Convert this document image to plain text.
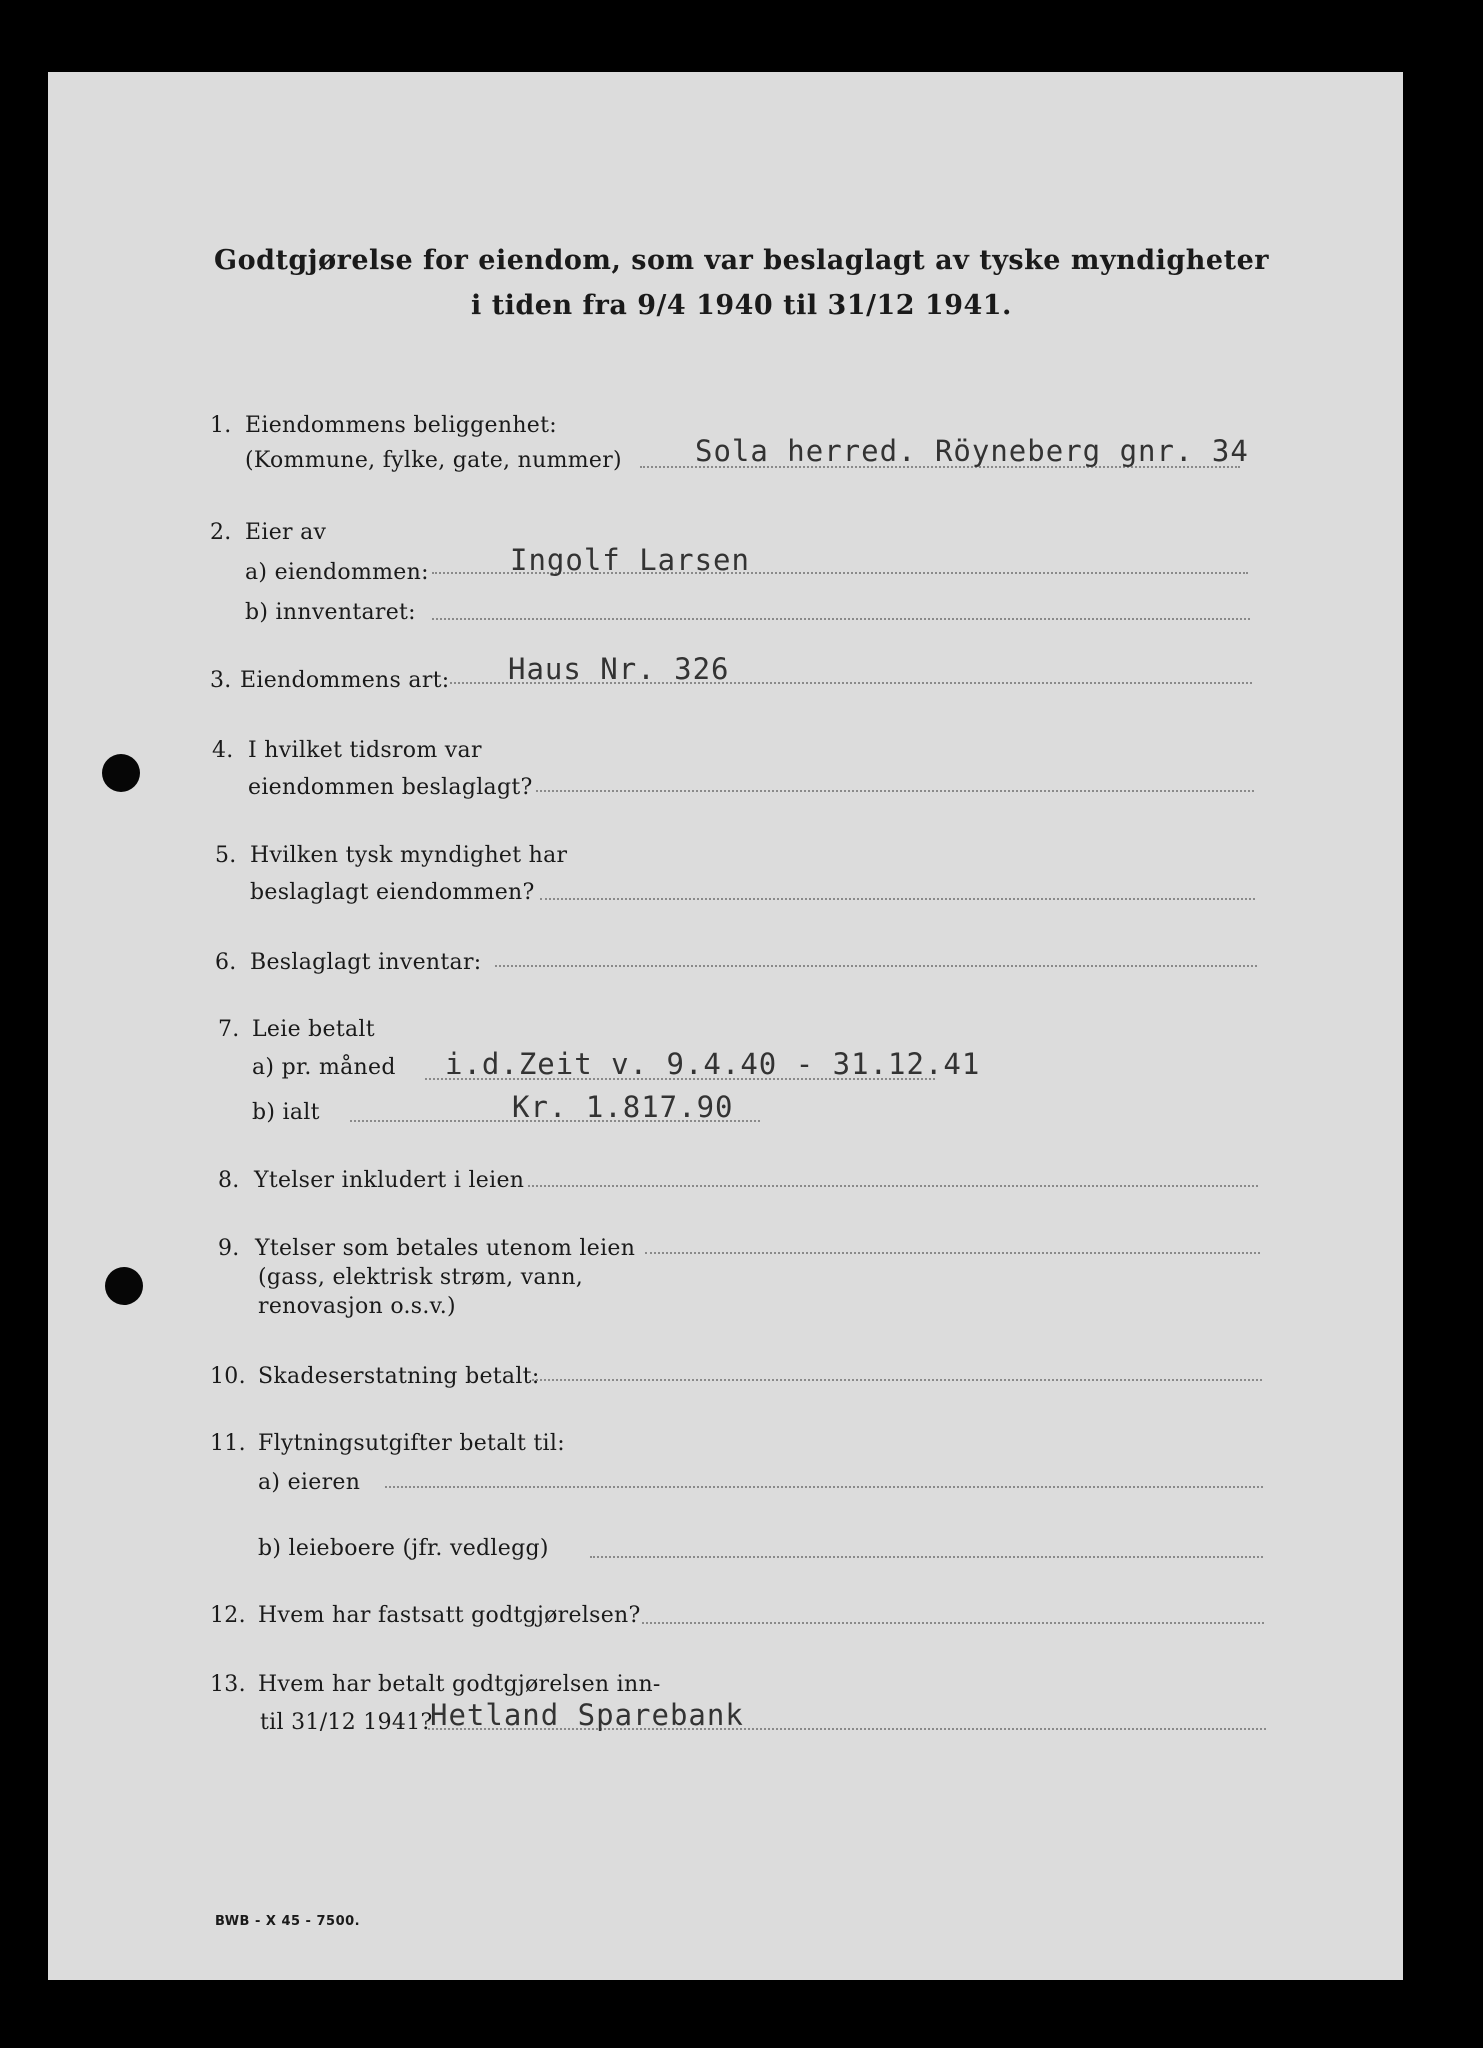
Godtgjørelse for eiendom, som var beslaglagt av tyske myndigheter
i tiden fra 9/4 1940 til 31/12 1941.
1. Eiendommens beliggenhet:
(Kommune, fylke, gate, nummer)	Sola herred. Röyneberg gnr. 34
2. Eier av
a) eiendommen:	Ingolf Larsen
b) innventaret:
3. Eiendommens art: Haus Nr. 326
4. I hvilket tidsrom var
eiendommen beslaglagt?
5. Hvilken tysk myndighet har
beslaglagt eiendommen?
6. Beslaglagt inventar:
7. Leie betalt
a) pr. måned i.d.Zeit v. 9.4.40 - 31.12.41
b) ialt	Kr. 1.817.90
8. Ytelser inkludert i leien
9. Ytelser som betales utenom leien
(gass, elektrisk strøm, vann,
renovasjon o.s.v.)
10. Skadeserstatning betalt:
11. Flytningsutgifter betalt til:
a) eieren
b) leieboere (jfr. vedlegg)
12. Hvem har fastsatt godtgjørelsen?
13. Hvem har betalt godtgjørelsen inn-
til 31/12 1941?
Hetland Sparebank
BWB - X 45 - 7500.
